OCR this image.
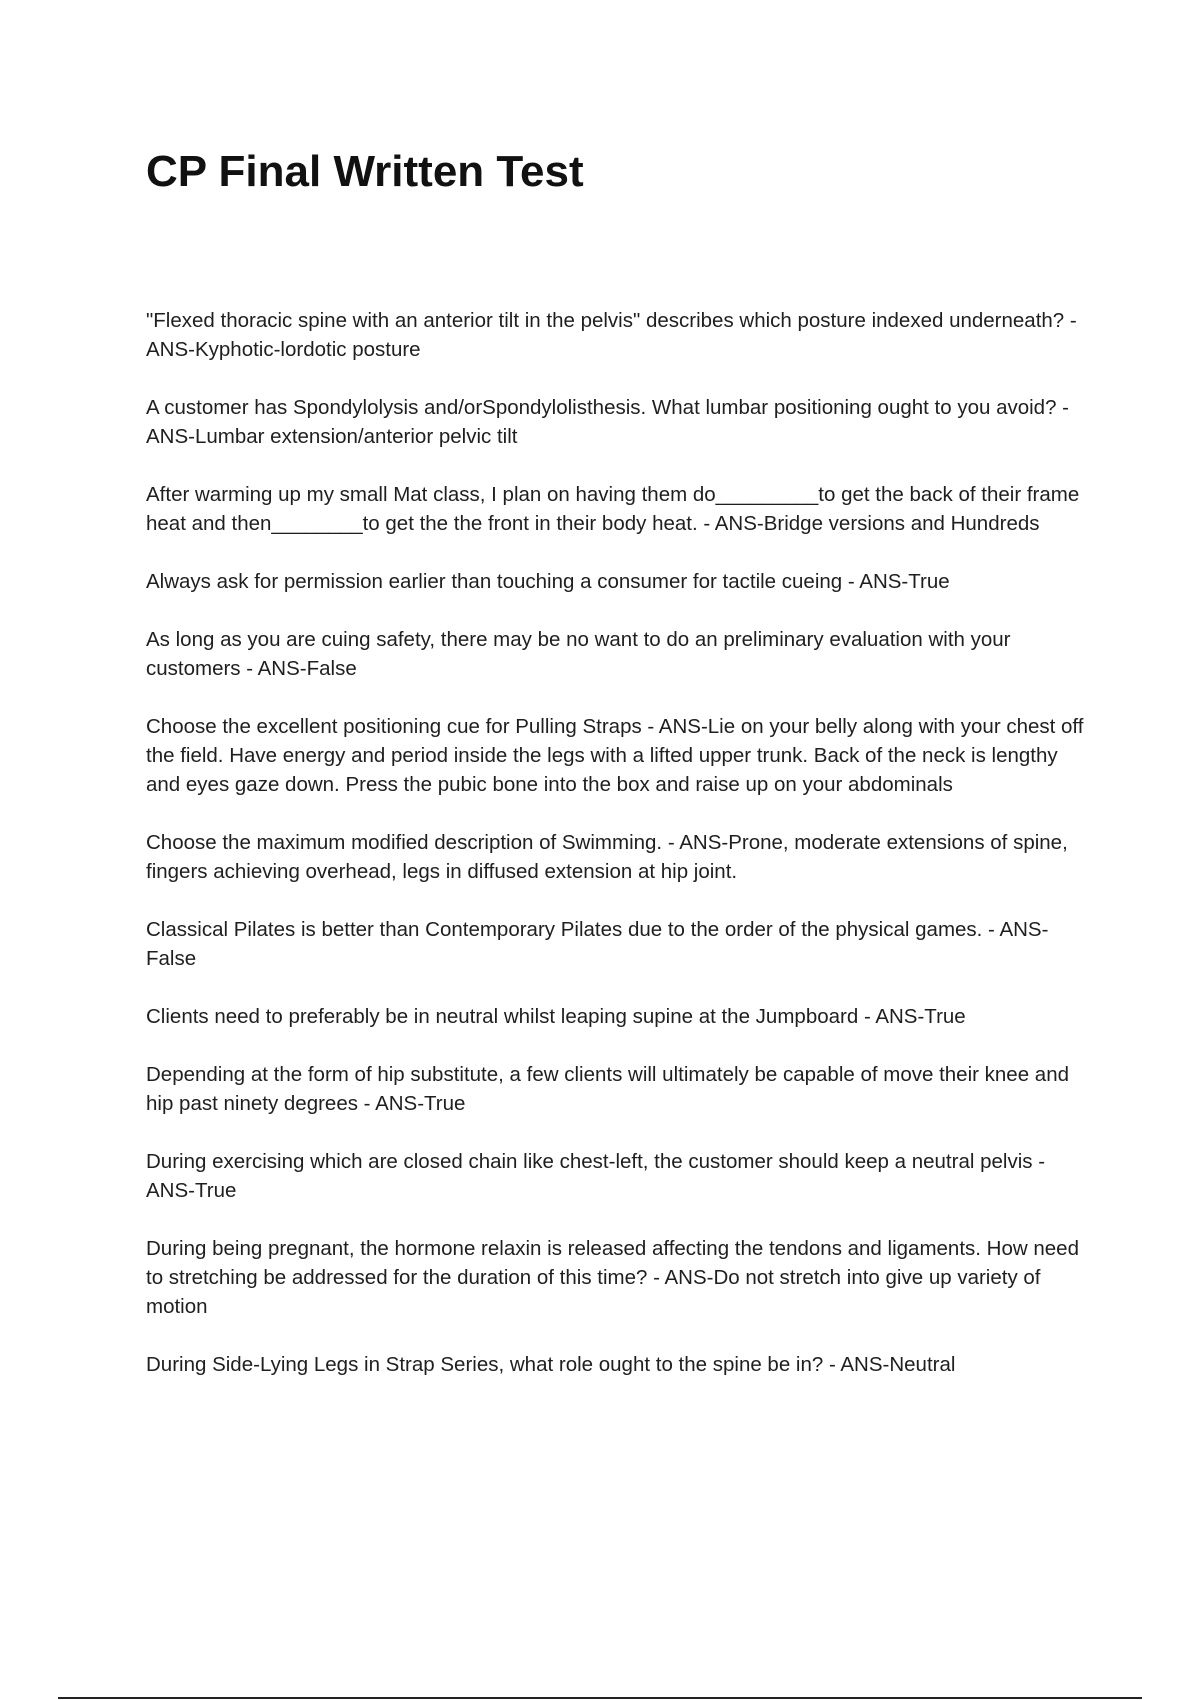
CP Final Written Test

"Flexed thoracic spine with an anterior tilt in the pelvis" describes which posture indexed underneath? - ANS-Kyphotic-lordotic posture

A customer has Spondylolysis and/orSpondylolisthesis. What lumbar positioning ought to you avoid? - ANS-Lumbar extension/anterior pelvic tilt

After warming up my small Mat class, I plan on having them do_________to get the back of their frame heat and then________to get the the front in their body heat. - ANS-Bridge versions and Hundreds

Always ask for permission earlier than touching a consumer for tactile cueing - ANS-True

As long as you are cuing safety, there may be no want to do an preliminary evaluation with your customers - ANS-False

Choose the excellent positioning cue for Pulling Straps - ANS-Lie on your belly along with your chest off the field. Have energy and period inside the legs with a lifted upper trunk. Back of the neck is lengthy and eyes gaze down. Press the pubic bone into the box and raise up on your abdominals

Choose the maximum modified description of Swimming. - ANS-Prone, moderate extensions of spine, fingers achieving overhead, legs in diffused extension at hip joint.

Classical Pilates is better than Contemporary Pilates due to the order of the physical games. - ANS-False

Clients need to preferably be in neutral whilst leaping supine at the Jumpboard - ANS-True

Depending at the form of hip substitute, a few clients will ultimately be capable of move their knee and hip past ninety degrees - ANS-True

During exercising which are closed chain like chest-left, the customer should keep a neutral pelvis - ANS-True

During being pregnant, the hormone relaxin is released affecting the tendons and ligaments. How need to stretching be addressed for the duration of this time? - ANS-Do not stretch into give up variety of motion

During Side-Lying Legs in Strap Series, what role ought to the spine be in? - ANS-Neutral
